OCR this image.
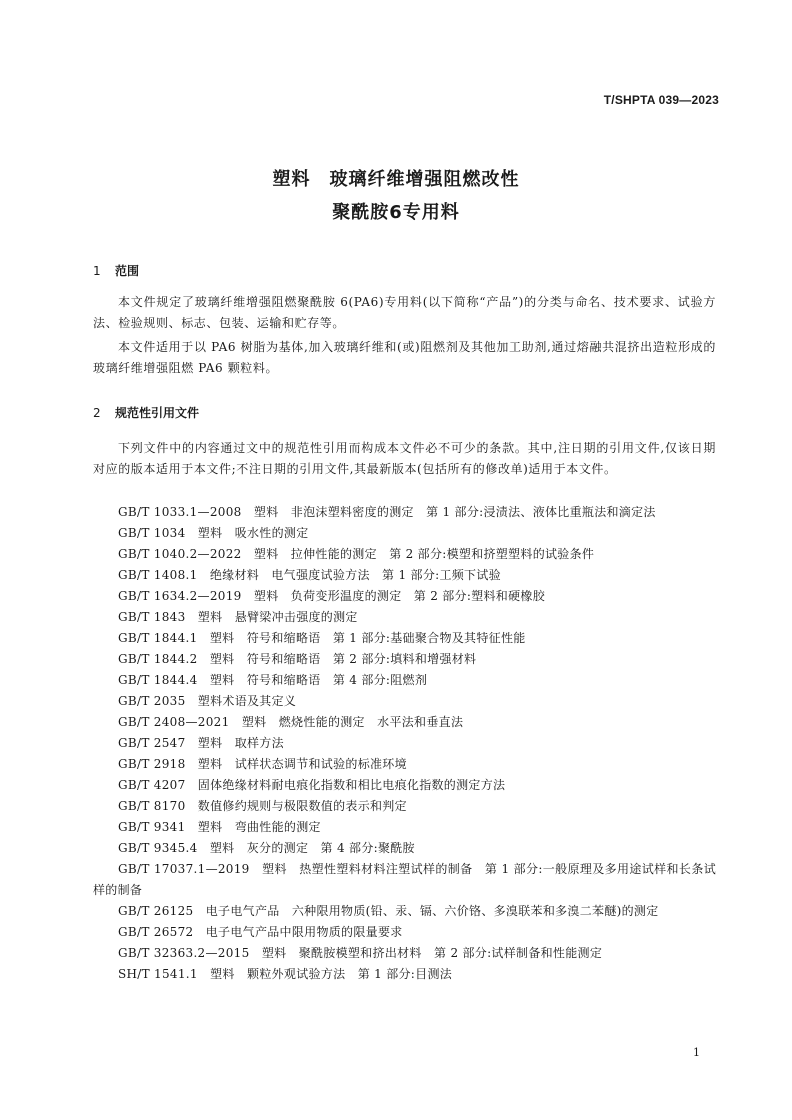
T/SHPTA 039—2023
塑料　玻璃纤维增强阻燃改性
聚酰胺6专用料
1 范围
本文件规定了玻璃纤维增强阻燃聚酰胺 6(PA6)专用料(以下简称“产品”)的分类与命名、技术要求、试验方法、检验规则、标志、包装、运输和贮存等。
本文件适用于以 PA6 树脂为基体,加入玻璃纤维和(或)阻燃剂及其他加工助剂,通过熔融共混挤出造粒形成的玻璃纤维增强阻燃 PA6 颗粒料。
2 规范性引用文件
下列文件中的内容通过文中的规范性引用而构成本文件必不可少的条款。其中,注日期的引用文件,仅该日期对应的版本适用于本文件;不注日期的引用文件,其最新版本(包括所有的修改单)适用于本文件。
GB/T 1033.1—2008　塑料　非泡沫塑料密度的测定　第 1 部分:浸渍法、液体比重瓶法和滴定法
GB/T 1034　塑料　吸水性的测定
GB/T 1040.2—2022　塑料　拉伸性能的测定　第 2 部分:模塑和挤塑塑料的试验条件
GB/T 1408.1　绝缘材料　电气强度试验方法　第 1 部分:工频下试验
GB/T 1634.2—2019　塑料　负荷变形温度的测定　第 2 部分:塑料和硬橡胶
GB/T 1843　塑料　悬臂梁冲击强度的测定
GB/T 1844.1　塑料　符号和缩略语　第 1 部分:基础聚合物及其特征性能
GB/T 1844.2　塑料　符号和缩略语　第 2 部分:填料和增强材料
GB/T 1844.4　塑料　符号和缩略语　第 4 部分:阻燃剂
GB/T 2035　塑料术语及其定义
GB/T 2408—2021　塑料　燃烧性能的测定　水平法和垂直法
GB/T 2547　塑料　取样方法
GB/T 2918　塑料　试样状态调节和试验的标准环境
GB/T 4207　固体绝缘材料耐电痕化指数和相比电痕化指数的测定方法
GB/T 8170　数值修约规则与极限数值的表示和判定
GB/T 9341　塑料　弯曲性能的测定
GB/T 9345.4　塑料　灰分的测定　第 4 部分:聚酰胺
GB/T 17037.1—2019　塑料　热塑性塑料材料注塑试样的制备　第 1 部分:一般原理及多用途试样和长条试样的制备
GB/T 26125　电子电气产品　六种限用物质(铅、汞、镉、六价铬、多溴联苯和多溴二苯醚)的测定
GB/T 26572　电子电气产品中限用物质的限量要求
GB/T 32363.2—2015　塑料　聚酰胺模塑和挤出材料　第 2 部分:试样制备和性能测定
SH/T 1541.1　塑料　颗粒外观试验方法　第 1 部分:目测法
1
